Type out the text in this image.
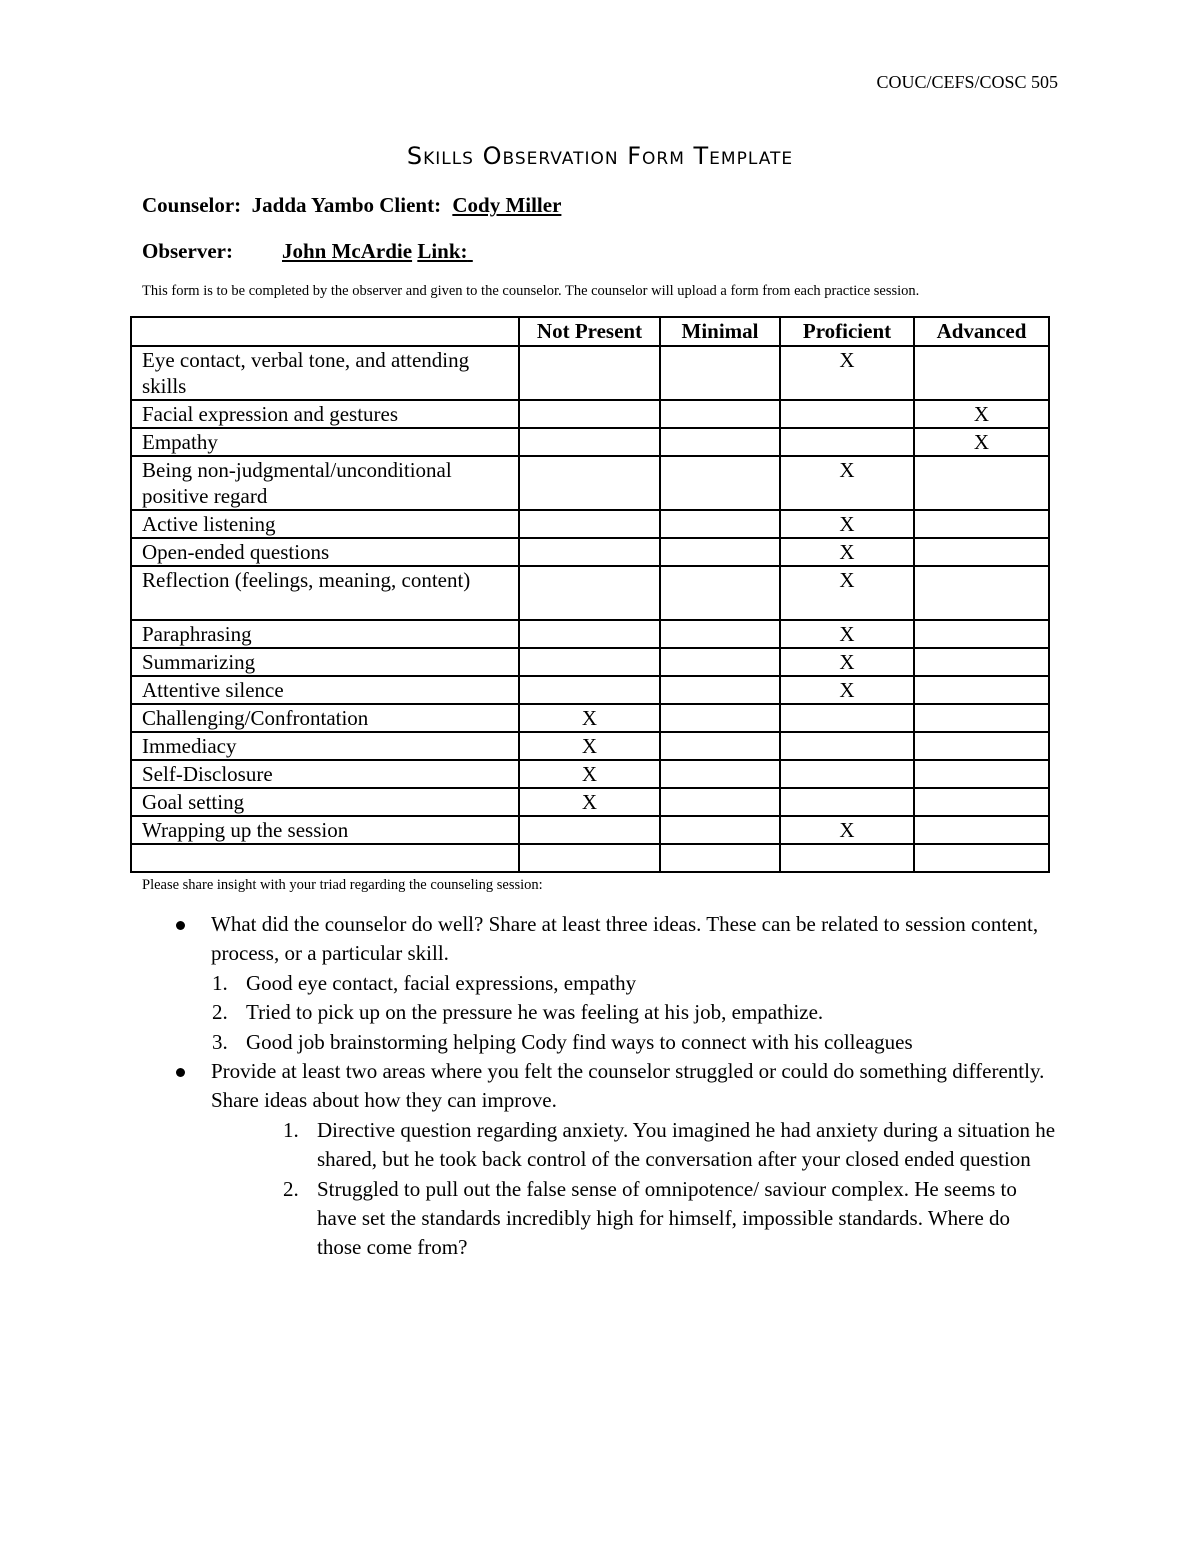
COUC/CEFS/COSC 505
Skills Observation Form Template
Counselor: Jadda Yambo Client: Cody Miller
Observer: John McArdie Link:
This form is to be completed by the observer and given to the counselor. The counselor will upload a form from each practice session.
	Not Present	Minimal	Proficient	Advanced
Eye contact, verbal tone, and attending skills			X	
Facial expression and gestures				X
Empathy				X
Being non-judgmental/unconditional positive regard			X	
Active listening			X	
Open-ended questions			X	
Reflection (feelings, meaning, content)			X	
Paraphrasing			X	
Summarizing			X	
Attentive silence			X	
Challenging/Confrontation	X			
Immediacy	X			
Self-Disclosure	X			
Goal setting	X			
Wrapping up the session			X	

Please share insight with your triad regarding the counseling session:
What did the counselor do well? Share at least three ideas. These can be related to session content, process, or a particular skill.
1. Good eye contact, facial expressions, empathy
2. Tried to pick up on the pressure he was feeling at his job, empathize.
3. Good job brainstorming helping Cody find ways to connect with his colleagues
Provide at least two areas where you felt the counselor struggled or could do something differently. Share ideas about how they can improve.
1. Directive question regarding anxiety. You imagined he had anxiety during a situation he shared, but he took back control of the conversation after your closed ended question
2. Struggled to pull out the false sense of omnipotence/ saviour complex. He seems to have set the standards incredibly high for himself, impossible standards. Where do those come from?
